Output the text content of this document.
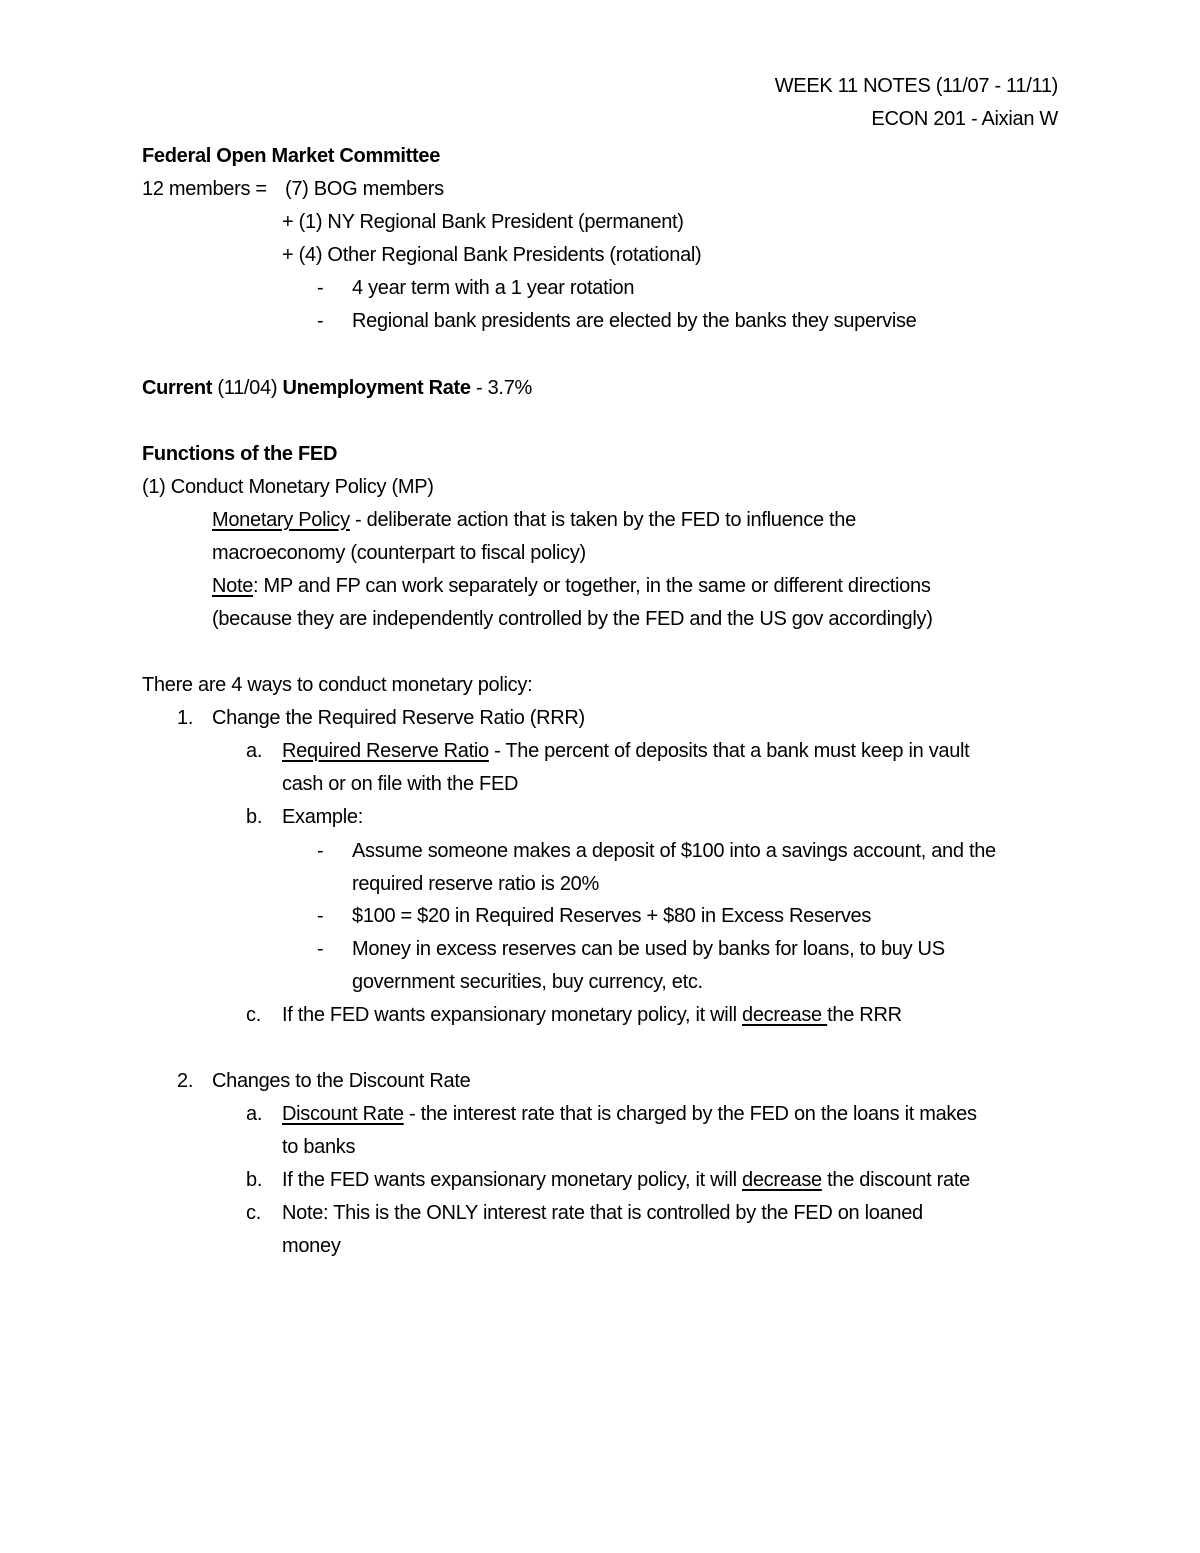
WEEK 11 NOTES (11/07 - 11/11)
ECON 201 - Aixian W
Federal Open Market Committee
12 members = (7) BOG members
+ (1) NY Regional Bank President (permanent)
+ (4) Other Regional Bank Presidents (rotational)
- 4 year term with a 1 year rotation
- Regional bank presidents are elected by the banks they supervise
Current (11/04) Unemployment Rate - 3.7%
Functions of the FED
(1) Conduct Monetary Policy (MP)
Monetary Policy - deliberate action that is taken by the FED to influence the
macroeconomy (counterpart to fiscal policy)
Note: MP and FP can work separately or together, in the same or different directions
(because they are independently controlled by the FED and the US gov accordingly)
There are 4 ways to conduct monetary policy:
1. Change the Required Reserve Ratio (RRR)
a. Required Reserve Ratio - The percent of deposits that a bank must keep in vault
cash or on file with the FED
b. Example:
- Assume someone makes a deposit of $100 into a savings account, and the
required reserve ratio is 20%
- $100 = $20 in Required Reserves + $80 in Excess Reserves
- Money in excess reserves can be used by banks for loans, to buy US
government securities, buy currency, etc.
c. If the FED wants expansionary monetary policy, it will decrease the RRR
2. Changes to the Discount Rate
a. Discount Rate - the interest rate that is charged by the FED on the loans it makes
to banks
b. If the FED wants expansionary monetary policy, it will decrease the discount rate
c. Note: This is the ONLY interest rate that is controlled by the FED on loaned
money
